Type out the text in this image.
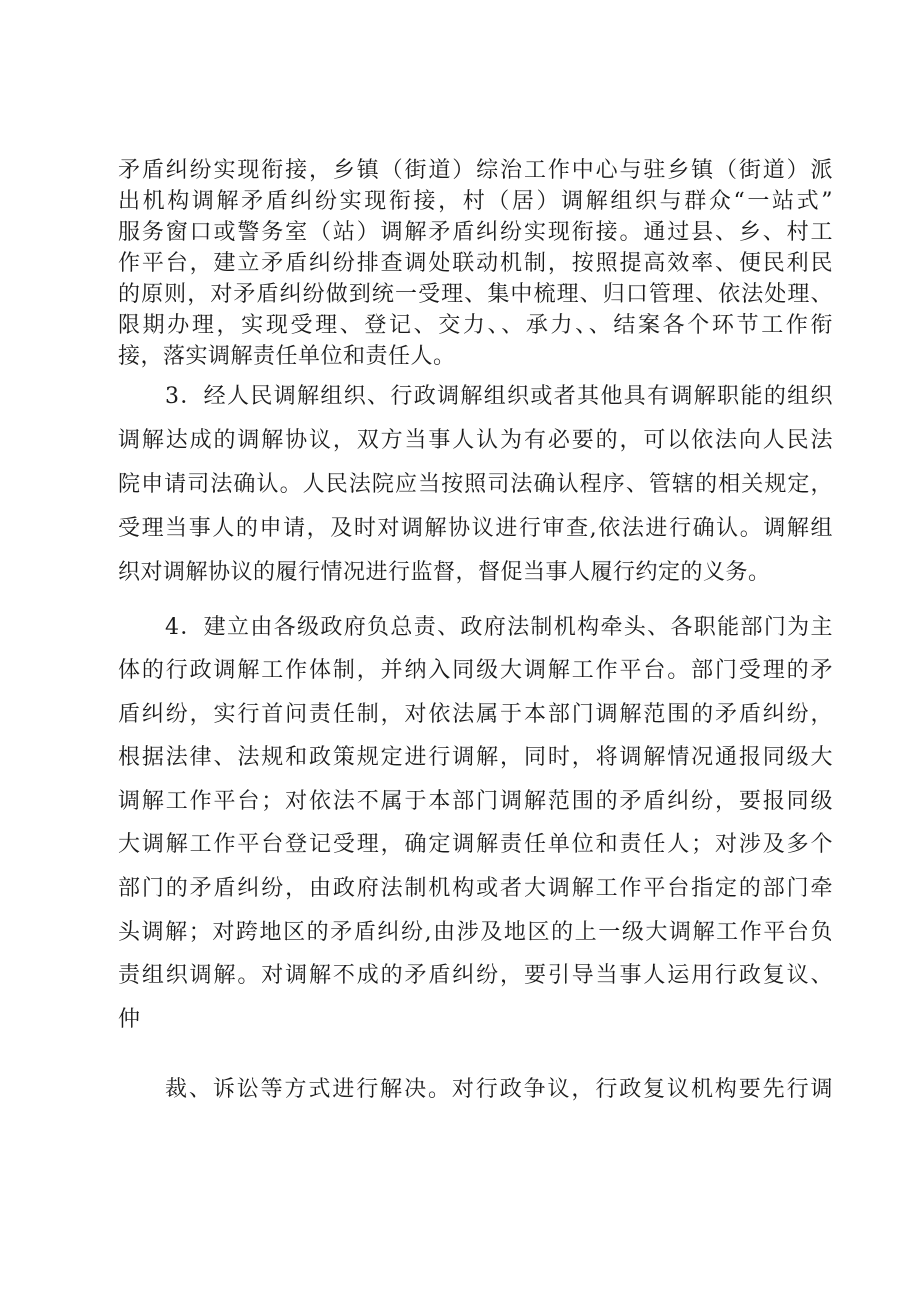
矛盾纠纷实现衔接，乡镇（街道）综治工作中心与驻乡镇（街道）派
出机构调解矛盾纠纷实现衔接，村（居）调解组织与群众“一站式”
服务窗口或警务室（站）调解矛盾纠纷实现衔接。通过县、乡、村工
作平台，建立矛盾纠纷排查调处联动机制，按照提高效率、便民利民
的原则，对矛盾纠纷做到统一受理、集中梳理、归口管理、依法处理、
限期办理，实现受理、登记、交力、、承力、、结案各个环节工作衔
接，落实调解责任单位和责任人。
3．经人民调解组织、行政调解组织或者其他具有调解职能的组织
调解达成的调解协议，双方当事人认为有必要的，可以依法向人民法
院申请司法确认。人民法院应当按照司法确认程序、管辖的相关规定，
受理当事人的申请，及时对调解协议进行审查,依法进行确认。调解组
织对调解协议的履行情况进行监督，督促当事人履行约定的义务。
4．建立由各级政府负总责、政府法制机构牵头、各职能部门为主
体的行政调解工作体制，并纳入同级大调解工作平台。部门受理的矛
盾纠纷，实行首问责任制，对依法属于本部门调解范围的矛盾纠纷，
根据法律、法规和政策规定进行调解，同时，将调解情况通报同级大
调解工作平台；对依法不属于本部门调解范围的矛盾纠纷，要报同级
大调解工作平台登记受理，确定调解责任单位和责任人；对涉及多个
部门的矛盾纠纷，由政府法制机构或者大调解工作平台指定的部门牵
头调解；对跨地区的矛盾纠纷,由涉及地区的上一级大调解工作平台负
责组织调解。对调解不成的矛盾纠纷，要引导当事人运用行政复议、
仲
裁、诉讼等方式进行解决。对行政争议，行政复议机构要先行调
